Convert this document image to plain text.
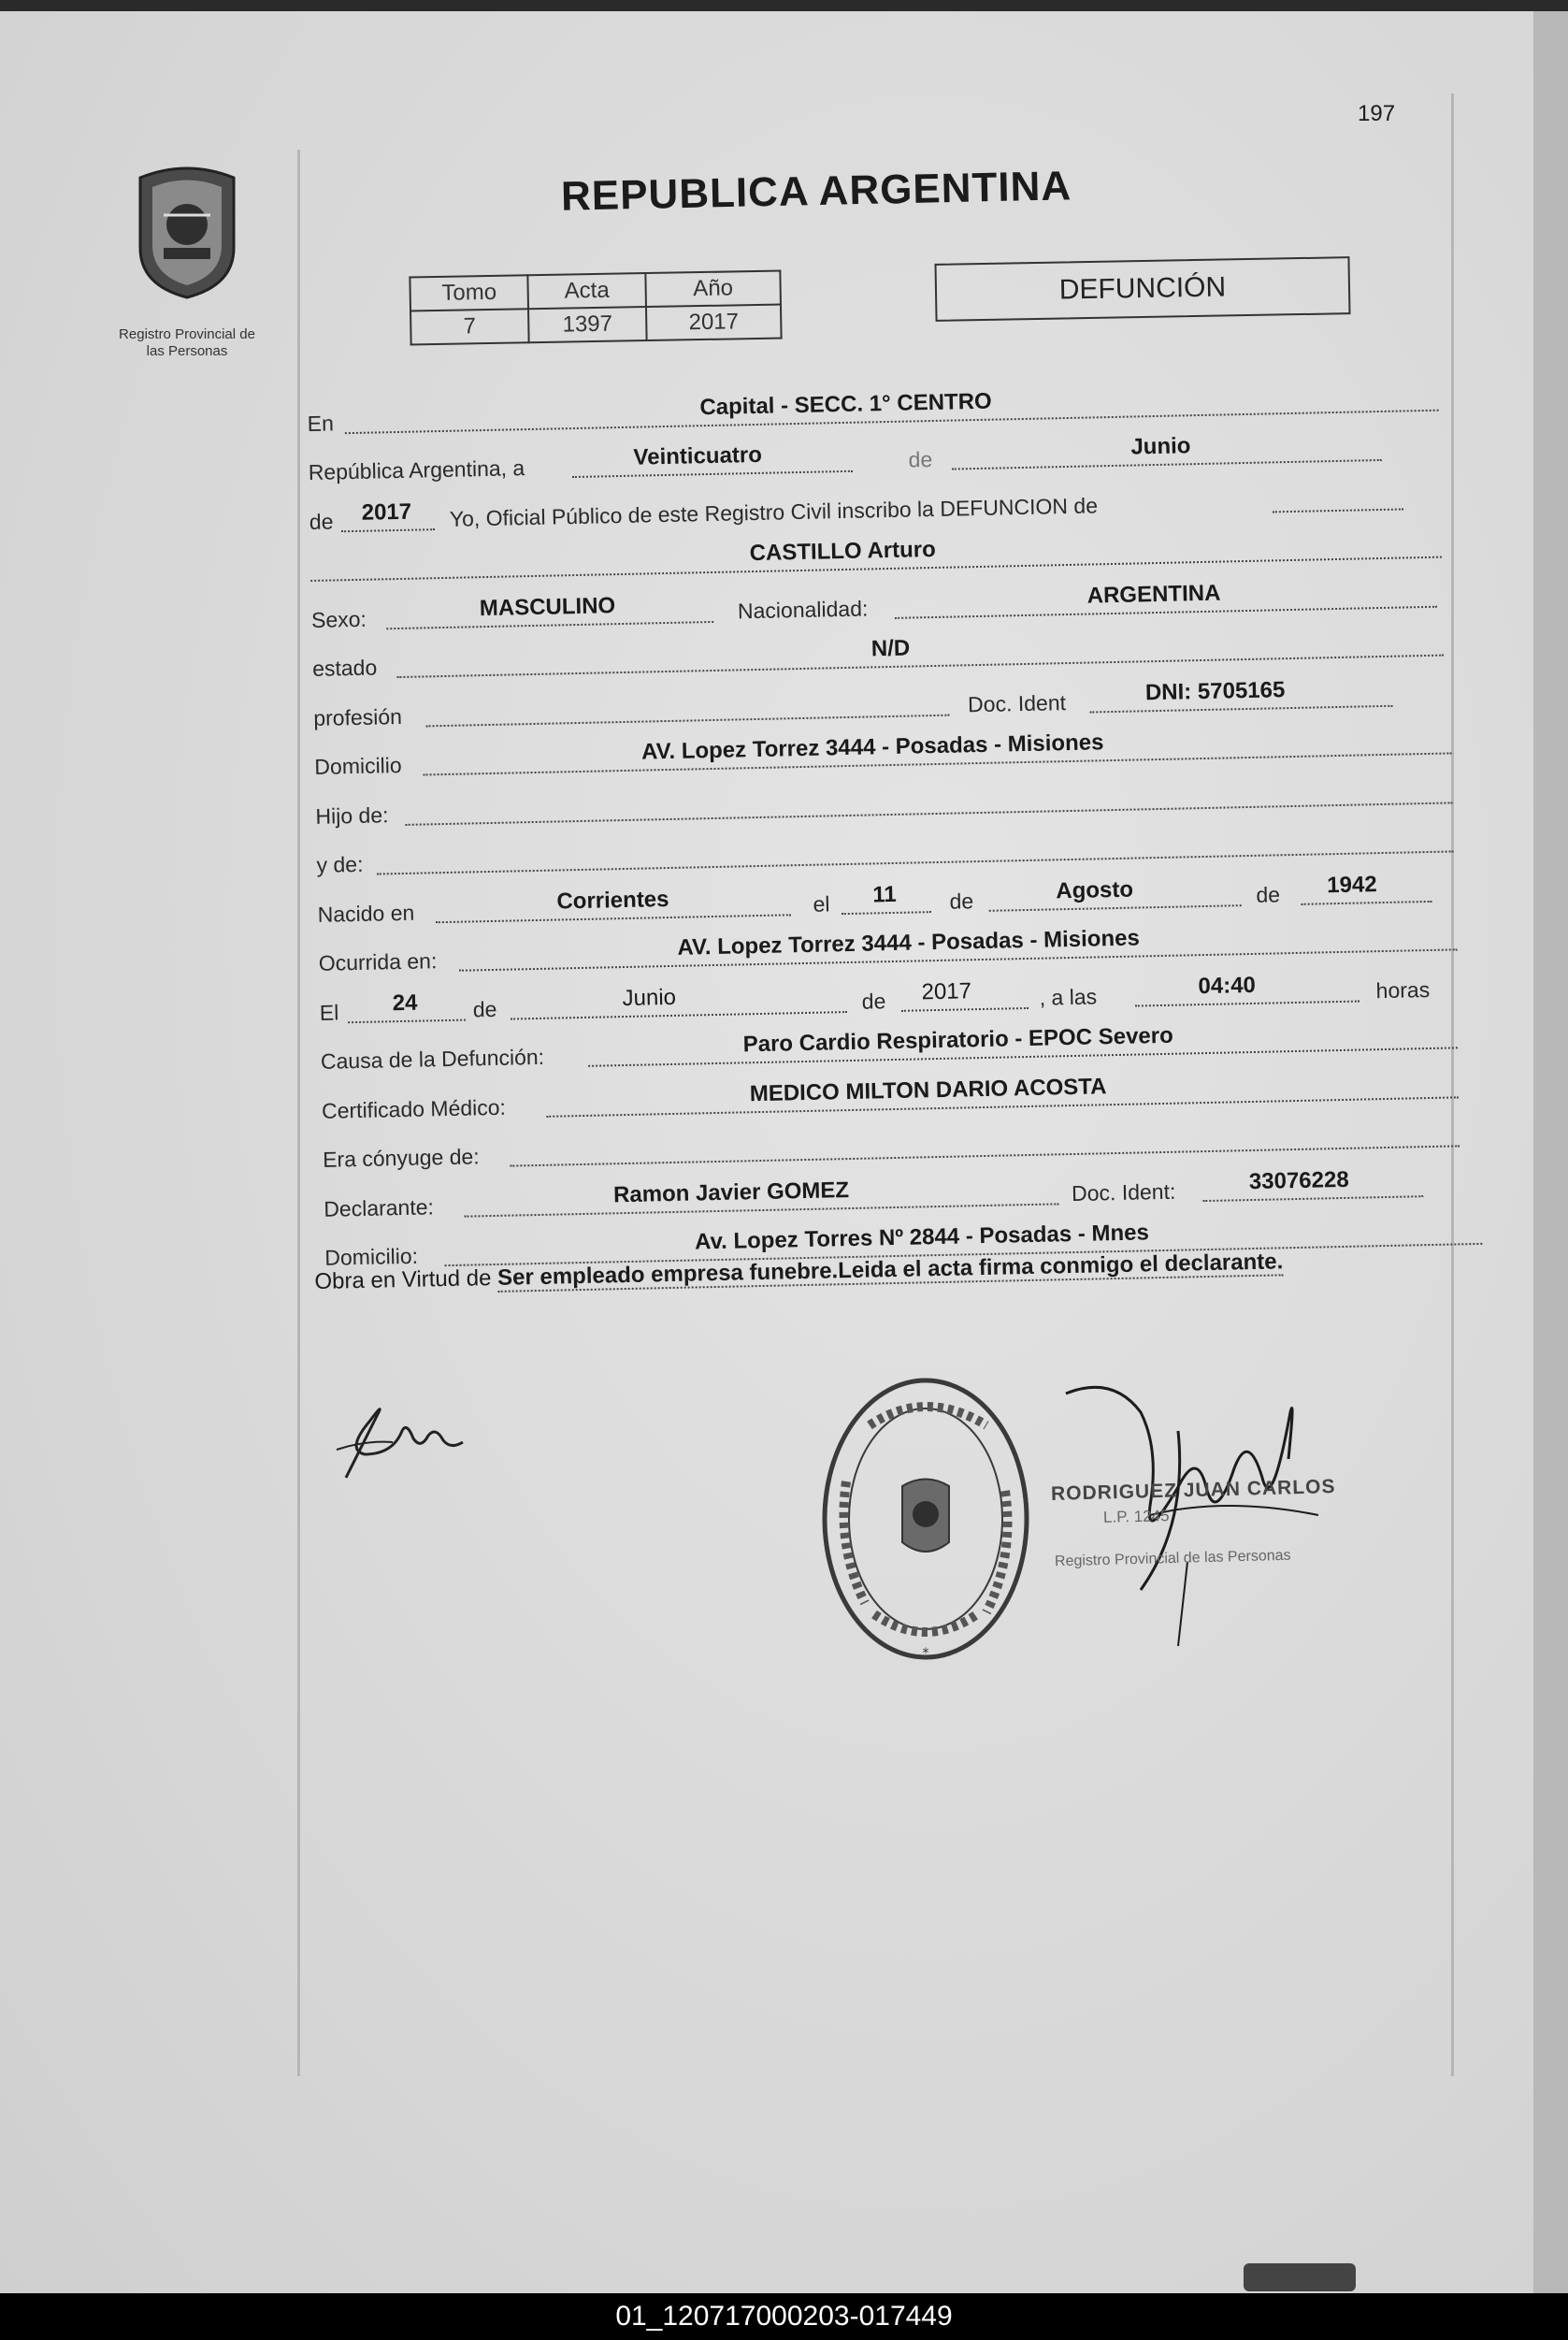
197
Registro Provincial de
las Personas
REPUBLICA ARGENTINA
Tomo	Acta	Año
7	1397	2017
DEFUNCIÓN
En
Capital - SECC. 1° CENTRO
República Argentina, a	Veinticuatro	de	Junio
de 2017 Yo, Oficial Público de este Registro Civil inscribo la DEFUNCION de
CASTILLO Arturo
Sexo:	MASCULINO	Nacionalidad:
ARGENTINA
estado
N/D
profesión
Doc. Ident	DNI: 5705165
Domicilio
AV. Lopez Torrez 3444 - Posadas - Misiones
Hijo de:
y de:
Nacido en	Corrientes	el 11 de	Agosto	de 1942
Ocurrida en:
AV. Lopez Torrez 3444 - Posadas - Misiones
El 24	de	Junio	de 2017	, a las	04:40	horas
Causa de la Defunción:
Paro Cardio Respiratorio - EPOC Severo
Certificado Médico:
MEDICO MILTON DARIO ACOSTA
Era cónyuge de:
Declarante:
Ramon Javier GOMEZ	Doc. Ident:	33076228
Domicilio:
Av. Lopez Torres Nº 2844 - Posadas - Mnes
Obra en Virtud de Ser empleado empresa funebre.Leida el acta firma conmigo el declarante.
*
RODRIGUEZ JUAN CARLOS
L.P. 1245
Registro Provincial de las Personas
01_120717000203-017449
